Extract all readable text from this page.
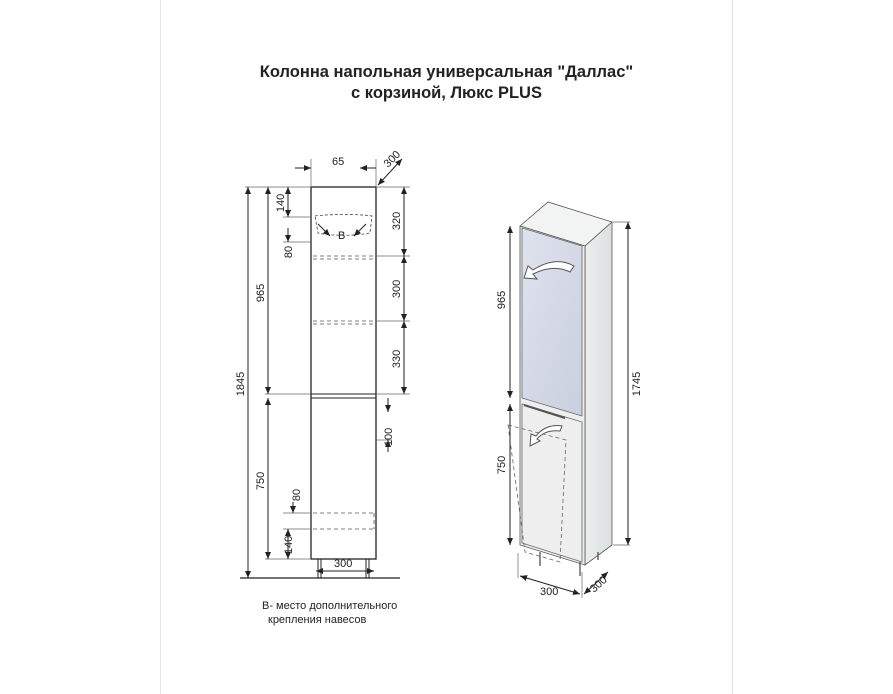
Колонна напольная универсальная "Даллас"
с корзиной, Люкс PLUS
B
1845
965
750
140
80
80
140
320
300
330
100
65	300
300
965
750
1745
300	300
В- место дополнительного
крепления навесов
